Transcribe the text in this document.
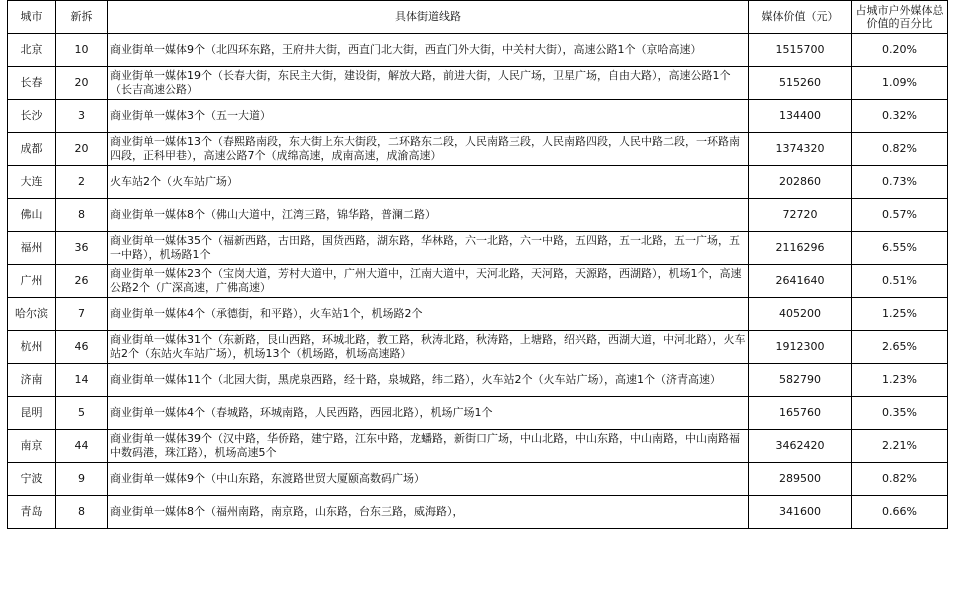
城市	新拆	具体街道线路	媒体价值（元）	占城市户外媒体总价值的百分比
北京	10	商业街单一媒体9个（北四环东路，王府井大街，西直门北大街，西直门外大街，中关村大街），高速公路1个（京哈高速）	1515700	0.20%
长春	20	商业街单一媒体19个（长春大街，东民主大街，建设街，解放大路，前进大街，人民广场，卫星广场，自由大路），高速公路1个（长吉高速公路）	515260	1.09%
长沙	3	商业街单一媒体3个（五一大道）	134400	0.32%
成都	20	商业街单一媒体13个（春熙路南段，东大街上东大街段，二环路东二段，人民南路三段，人民南路四段，人民中路二段，一环路南四段，正科甲巷），高速公路7个（成绵高速，成南高速，成渝高速）	1374320	0.82%
大连	2	火车站2个（火车站广场）	202860	0.73%
佛山	8	商业街单一媒体8个（佛山大道中，江湾三路，锦华路，普澜二路）	72720	0.57%
福州	36	商业街单一媒体35个（福新西路，古田路，国货西路，湖东路，华林路，六一北路，六一中路，五四路，五一北路，五一广场，五一中路），机场路1个	2116296	6.55%
广州	26	商业街单一媒体23个（宝岗大道，芳村大道中，广州大道中，江南大道中，天河北路，天河路，天源路，西湖路），机场1个，高速公路2个（广深高速，广佛高速）	2641640	0.51%
哈尔滨	7	商业街单一媒体4个（承德街，和平路），火车站1个，机场路2个	405200	1.25%
杭州	46	商业街单一媒体31个（东新路，艮山西路，环城北路，教工路，秋涛北路，秋涛路，上塘路，绍兴路，西湖大道，中河北路），火车站2个（东站火车站广场），机场13个（机场路，机场高速路）	1912300	2.65%
济南	14	商业街单一媒体11个（北园大街，黑虎泉西路，经十路，泉城路，纬二路），火车站2个（火车站广场），高速1个（济青高速）	582790	1.23%
昆明	5	商业街单一媒体4个（春城路，环城南路，人民西路，西园北路），机场广场1个	165760	0.35%
南京	44	商业街单一媒体39个（汉中路，华侨路，建宁路，江东中路，龙蟠路，新街口广场，中山北路，中山东路，中山南路，中山南路福中数码港，珠江路），机场高速5个	3462420	2.21%
宁波	9	商业街单一媒体9个（中山东路，东渡路世贸大厦颐高数码广场）	289500	0.82%
青岛	8	商业街单一媒体8个（福州南路，南京路，山东路，台东三路，威海路），	341600	0.66%
